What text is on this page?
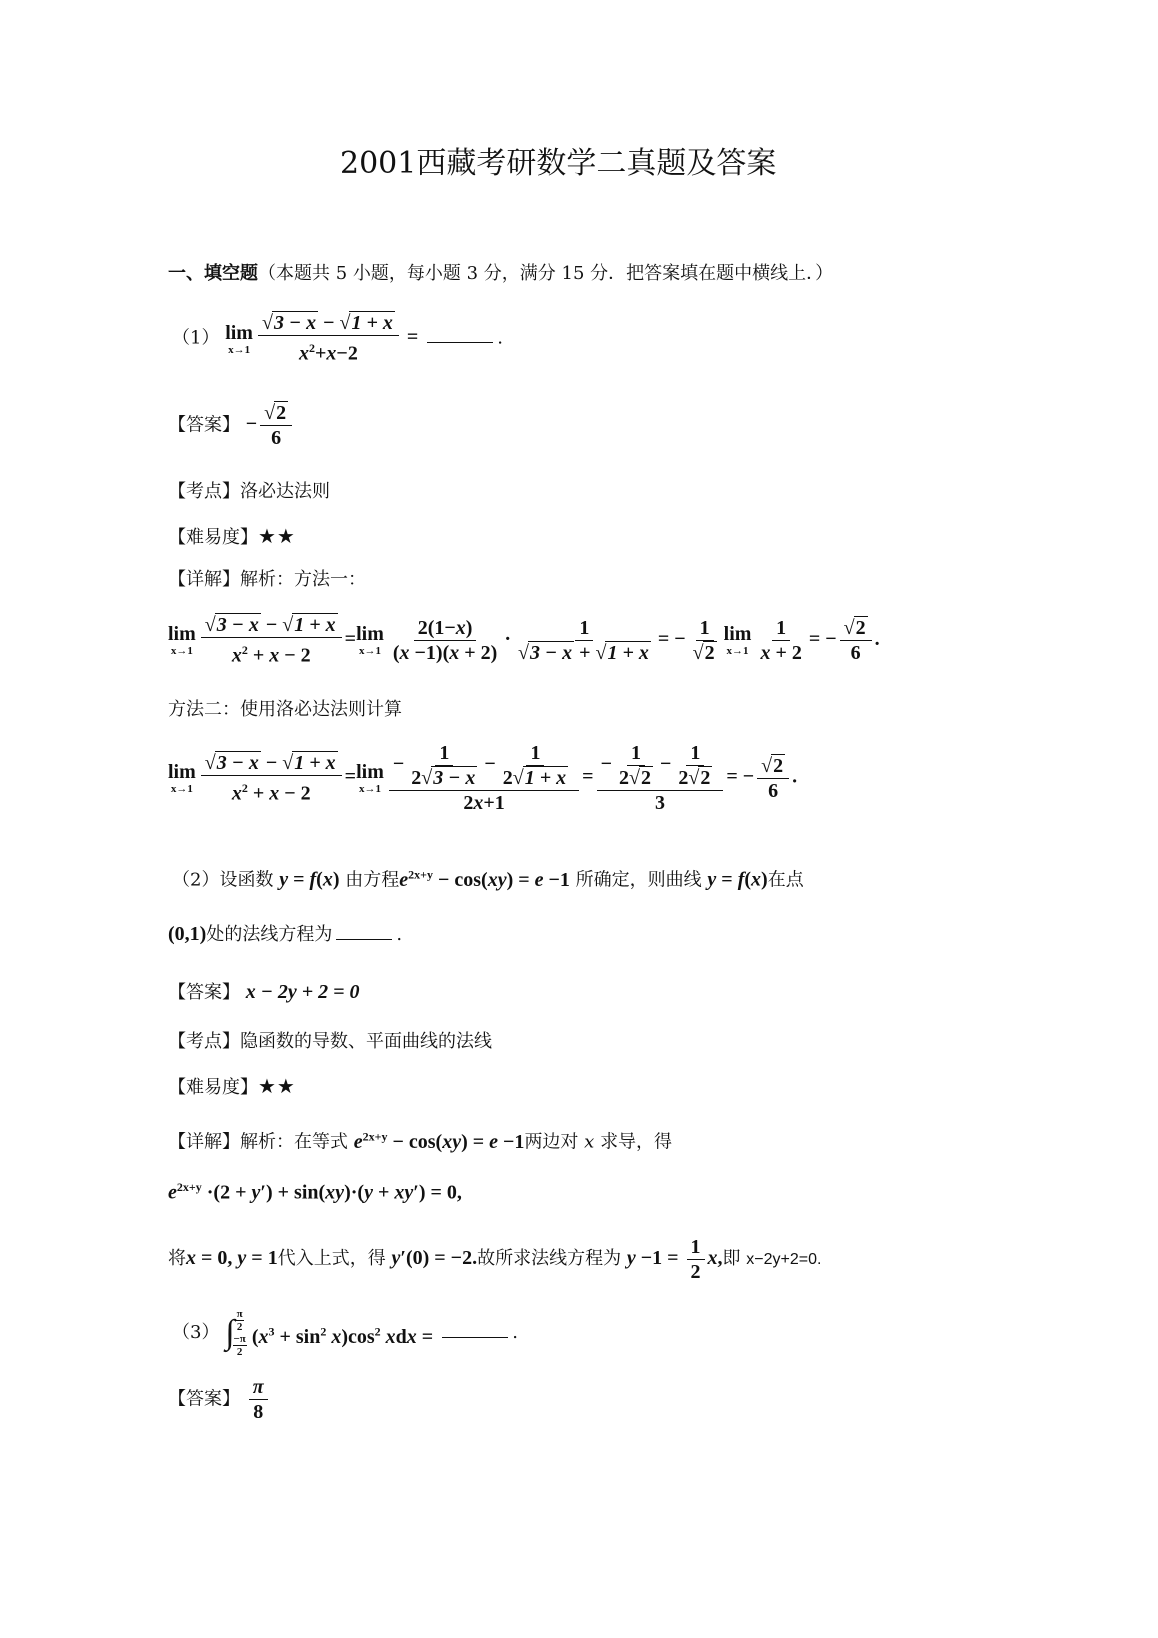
2001西藏考研数学二真题及答案
一、填空题（本题共 5 小题，每小题 3 分，满分 15 分．把答案填在题中横线上．）
（1） lim
$x\to 1 \frac{√3 - x - √1 + x}{x^2+x-2}$ =	.
【答案】 − $\frac{√2}{6}$
【考点】洛必达法则
【难易度】★★
【详解】解析：方法一：
lim
$x\to 1 \frac{√3 - x - √1 + x}{x^2 + x - 2} = \lim$
$x\to 1 \frac{2(1-x)}{(x -1)(x + 2)} \cdot \frac{1}{√3 - x + √1 + x}$ = − $\frac{1}{√2}$ lim
$x\to 1 \frac{1}{x + 2}$ = − $\frac{√2}{6}$ .
方法二：使用洛必达法则计算
lim
$x\to 1 \frac{√3 - x - √1 + x}{x^2 + x - 2} = \lim$
$x\to 1 \frac{- \frac{1}{2√3 - x} - \frac{1}{2√1 + x}}{2x+1} = \frac{- \frac{1}{2√2} - \frac{1}{2√2}}{3}$ = − $\frac{√2}{6}$ .
（2）设函数 y = f(x) 由方程$e^{2x+y} - \cos(xy) = e -1$ 所确定，则曲线 y = f(x)在点
(0,1)处的法线方程为	.
【答案】 x − 2y + 2 = 0
【考点】隐函数的导数、平面曲线的法线
【难易度】★★
【详解】解析：在等式 $e^{2x+y} - \cos(xy) = e -1$两边对 x 求导，得
$e^{2x+y} \cdot(2 + y') + \sin(xy)\cdot(y + xy') = 0$,
将x = 0, y = 1代入上式，得 y′(0) = −2.故所求法线方程为 $y -1 = \frac{1}{2} x$,即 x−2y+2=0.
（3） ∫
$\frac{\pi}{2}$
$\frac{-\pi}{2} (x^3 + \sin^2 x)\cos^2$ xdx =	.
【答案】 $\frac{\pi}{8}$
